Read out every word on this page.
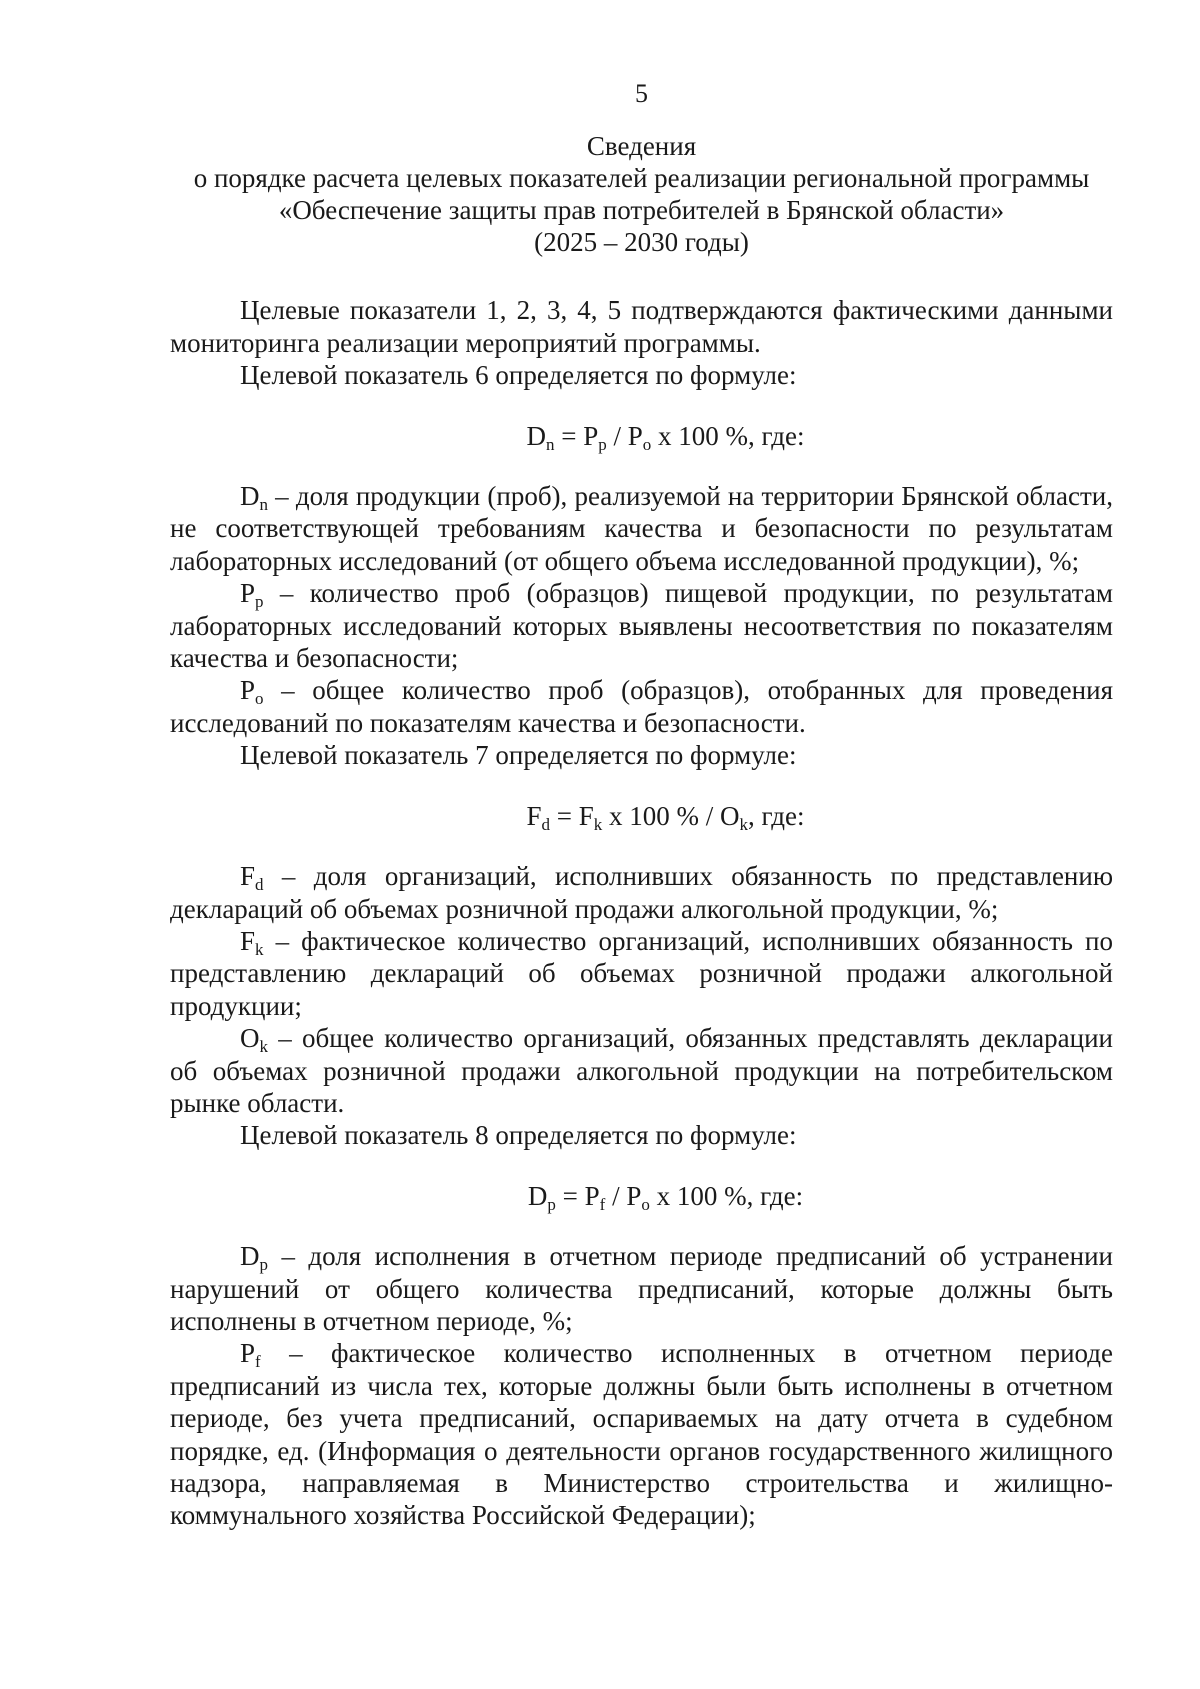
5
Сведения
о порядке расчета целевых показателей реализации региональной программы
«Обеспечение защиты прав потребителей в Брянской области»
(2025 – 2030 годы)

Целевые показатели 1, 2, 3, 4, 5 подтверждаются фактическими данными мониторинга реализации мероприятий программы.

Целевой показатель 6 определяется по формуле:

$D_n = P_p / P_o$ x 100 %, где:

$D_n$ – доля продукции (проб), реализуемой на территории Брянской области, не соответствующей требованиям качества и безопасности по результатам лабораторных исследований (от общего объема исследованной продукции), %;

$P_p$ – количество проб (образцов) пищевой продукции, по результатам лабораторных исследований которых выявлены несоответствия по показателям качества и безопасности;

$P_o$ – общее количество проб (образцов), отобранных для проведения исследований по показателям качества и безопасности.

Целевой показатель 7 определяется по формуле:

$F_d = F_k$ x 100 % / $O_k$, где:

$F_d$ – доля организаций, исполнивших обязанность по представлению деклараций об объемах розничной продажи алкогольной продукции, %;

$F_k$ – фактическое количество организаций, исполнивших обязанность по представлению деклараций об объемах розничной продажи алкогольной продукции;

$O_k$ – общее количество организаций, обязанных представлять декларации об объемах розничной продажи алкогольной продукции на потребительском рынке области.

Целевой показатель 8 определяется по формуле:

$D_p = P_f / P_o$ x 100 %, где:

$D_p$ – доля исполнения в отчетном периоде предписаний об устранении нарушений от общего количества предписаний, которые должны быть исполнены в отчетном периоде, %;

$P_f$ – фактическое количество исполненных в отчетном периоде предписаний из числа тех, которые должны были быть исполнены в отчетном периоде, без учета предписаний, оспариваемых на дату отчета в судебном порядке, ед. (Информация о деятельности органов государственного жилищного надзора, направляемая в Министерство строительства и жилищно-коммунального хозяйства Российской Федерации);
